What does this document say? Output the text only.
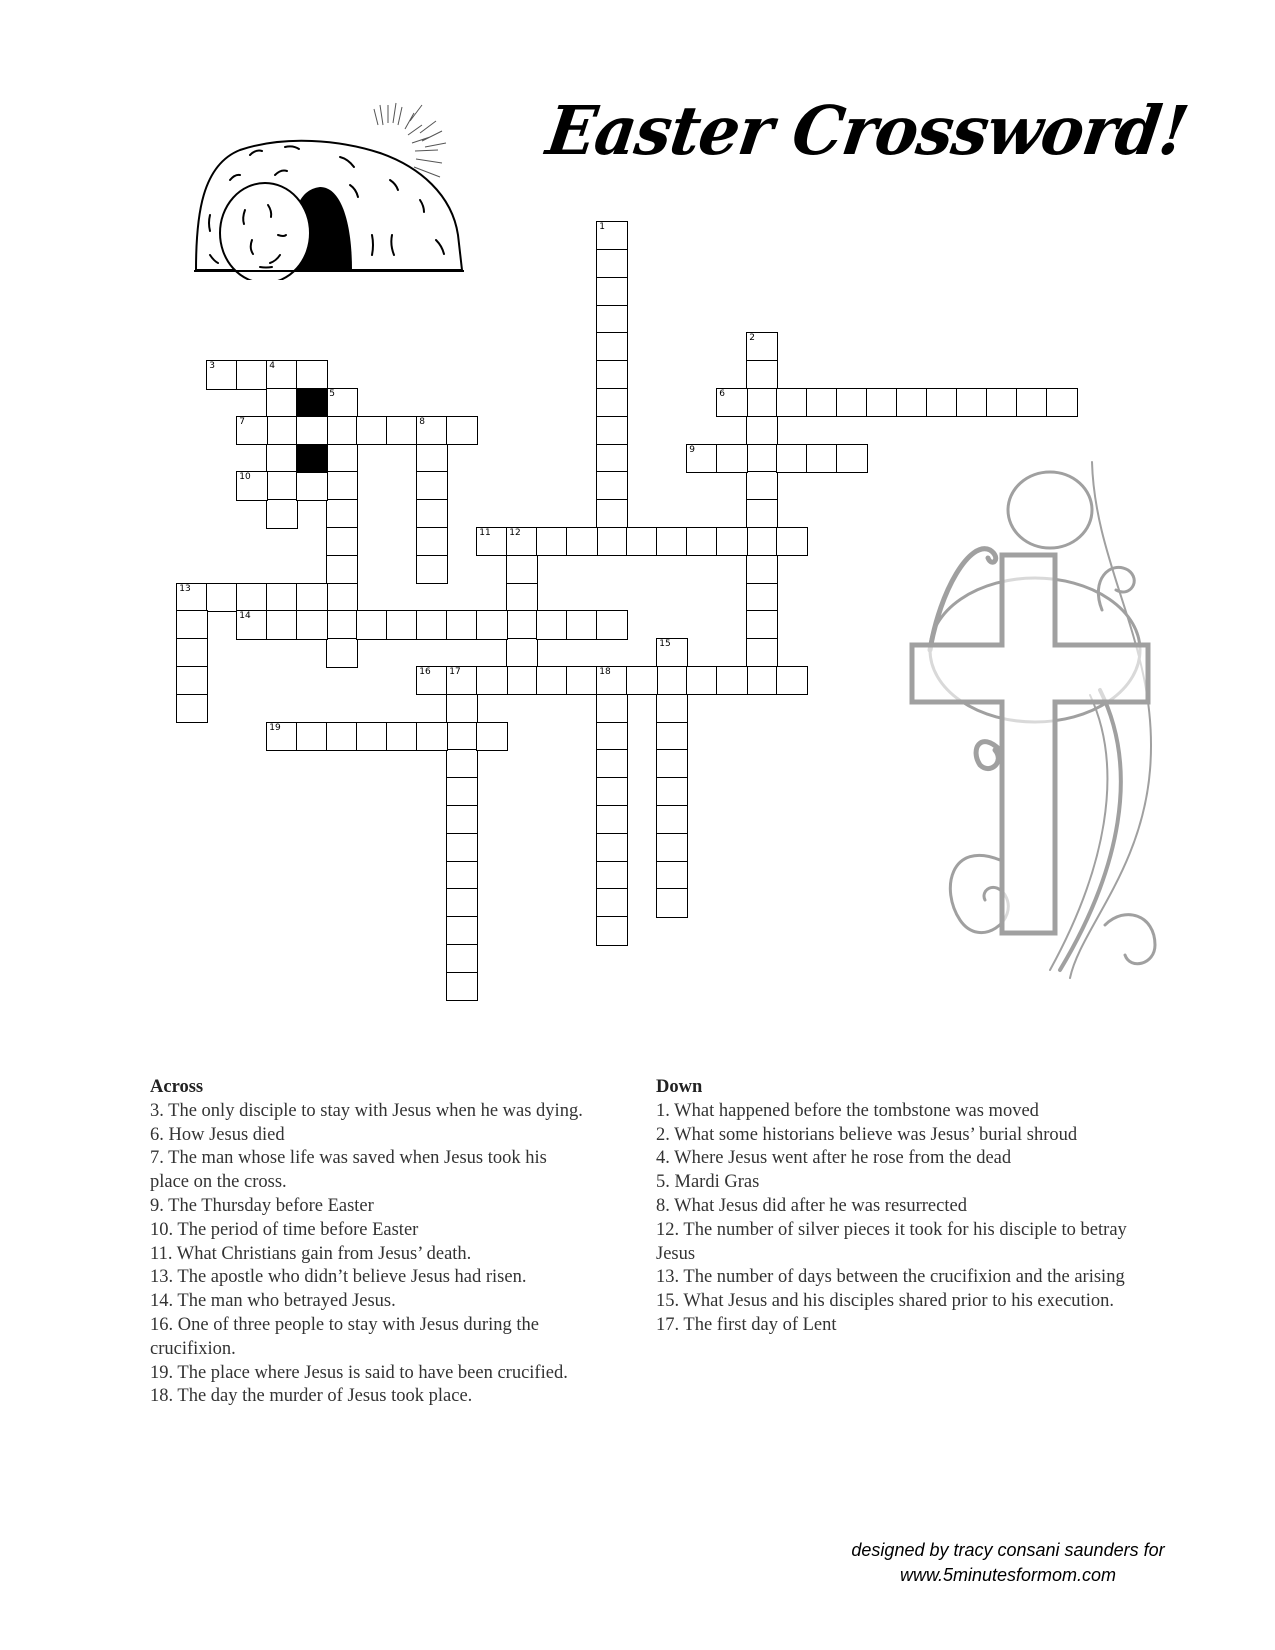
Easter Crossword!
1
2
3	4
5	6
7	8
9
10
11 12
13
14
15
16 17	18
19
Across
3. The only disciple to stay with Jesus when he was dying.
6. How Jesus died
7. The man whose life was saved when Jesus took his place on the cross.
9. The Thursday before Easter
10. The period of time before Easter
11. What Christians gain from Jesus’ death.
13. The apostle who didn’t believe Jesus had risen.
14. The man who betrayed Jesus.
16. One of three people to stay with Jesus during the crucifixion.
19. The place where Jesus is said to have been crucified.
18. The day the murder of Jesus took place.
Down
1. What happened before the tombstone was moved
2. What some historians believe was Jesus’ burial shroud
4. Where Jesus went after he rose from the dead
5. Mardi Gras
8. What Jesus did after he was resurrected
12. The number of silver pieces it took for his disciple to betray Jesus
13. The number of days between the crucifixion and the arising
15. What Jesus and his disciples shared prior to his execution.
17. The first day of Lent
designed by tracy consani saunders for
www.5minutesformom.com
